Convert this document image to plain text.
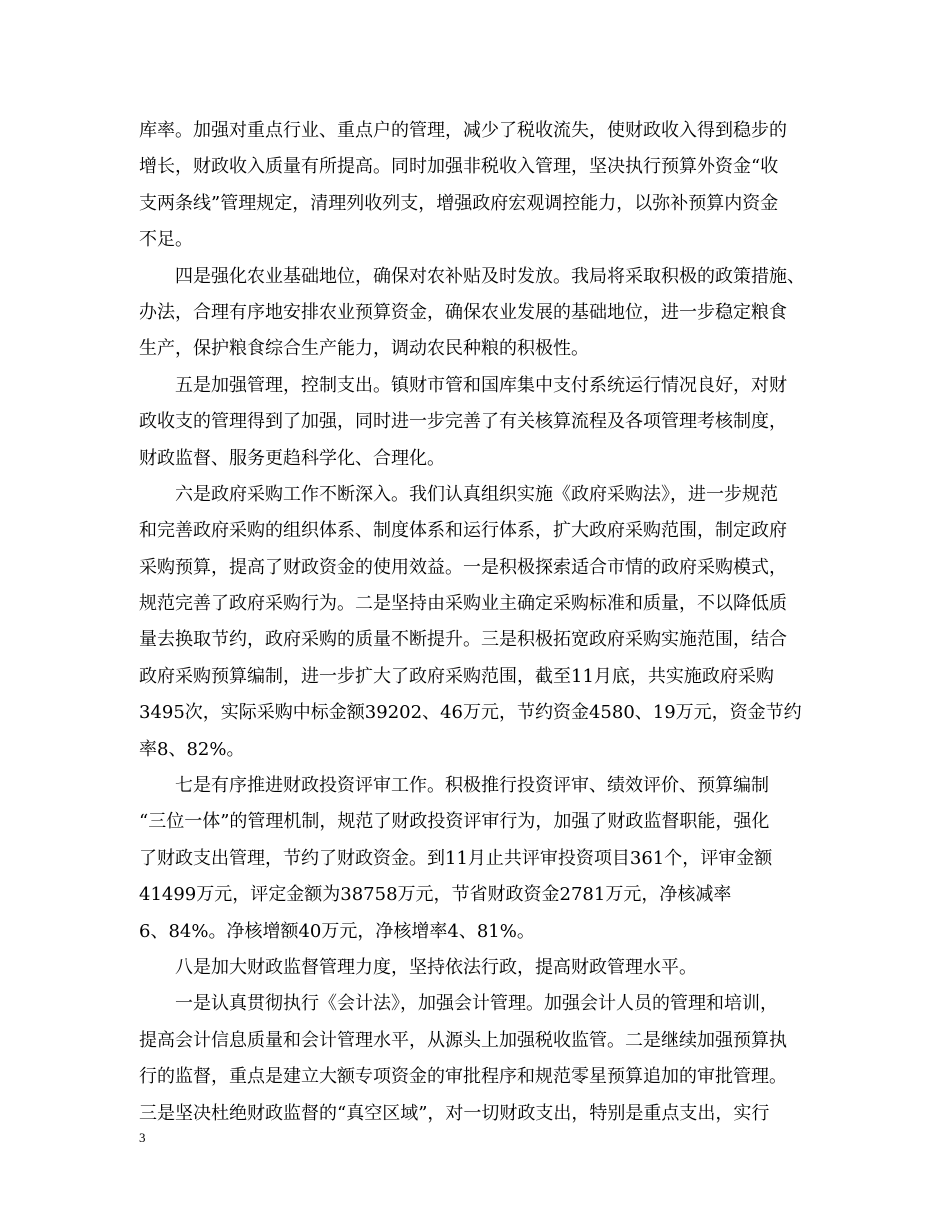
库率。加强对重点行业、重点户的管理，减少了税收流失，使财政收入得到稳步的
增长，财政收入质量有所提高。同时加强非税收入管理，坚决执行预算外资金“收
支两条线”管理规定，清理列收列支，增强政府宏观调控能力，以弥补预算内资金
不足。

四是强化农业基础地位，确保对农补贴及时发放。我局将采取积极的政策措施、
办法，合理有序地安排农业预算资金，确保农业发展的基础地位，进一步稳定粮食
生产，保护粮食综合生产能力，调动农民种粮的积极性。

五是加强管理，控制支出。镇财市管和国库集中支付系统运行情况良好，对财
政收支的管理得到了加强，同时进一步完善了有关核算流程及各项管理考核制度，
财政监督、服务更趋科学化、合理化。

六是政府采购工作不断深入。我们认真组织实施《政府采购法》，进一步规范
和完善政府采购的组织体系、制度体系和运行体系，扩大政府采购范围，制定政府
采购预算，提高了财政资金的使用效益。一是积极探索适合市情的政府采购模式，
规范完善了政府采购行为。二是坚持由采购业主确定采购标准和质量，不以降低质
量去换取节约，政府采购的质量不断提升。三是积极拓宽政府采购实施范围，结合
政府采购预算编制，进一步扩大了政府采购范围，截至11月底，共实施政府采购
3495次，实际采购中标金额39202、46万元，节约资金4580、19万元，资金节约
率8、82%。

七是有序推进财政投资评审工作。积极推行投资评审、绩效评价、预算编制
“三位一体”的管理机制，规范了财政投资评审行为，加强了财政监督职能，强化
了财政支出管理，节约了财政资金。到11月止共评审投资项目361个，评审金额
41499万元，评定金额为38758万元，节省财政资金2781万元，净核减率
6、84%。净核增额40万元，净核增率4、81%。

八是加大财政监督管理力度，坚持依法行政，提高财政管理水平。

一是认真贯彻执行《会计法》，加强会计管理。加强会计人员的管理和培训，
提高会计信息质量和会计管理水平，从源头上加强税收监管。二是继续加强预算执
行的监督，重点是建立大额专项资金的审批程序和规范零星预算追加的审批管理。
三是坚决杜绝财政监督的“真空区域”，对一切财政支出，特别是重点支出，实行

3
